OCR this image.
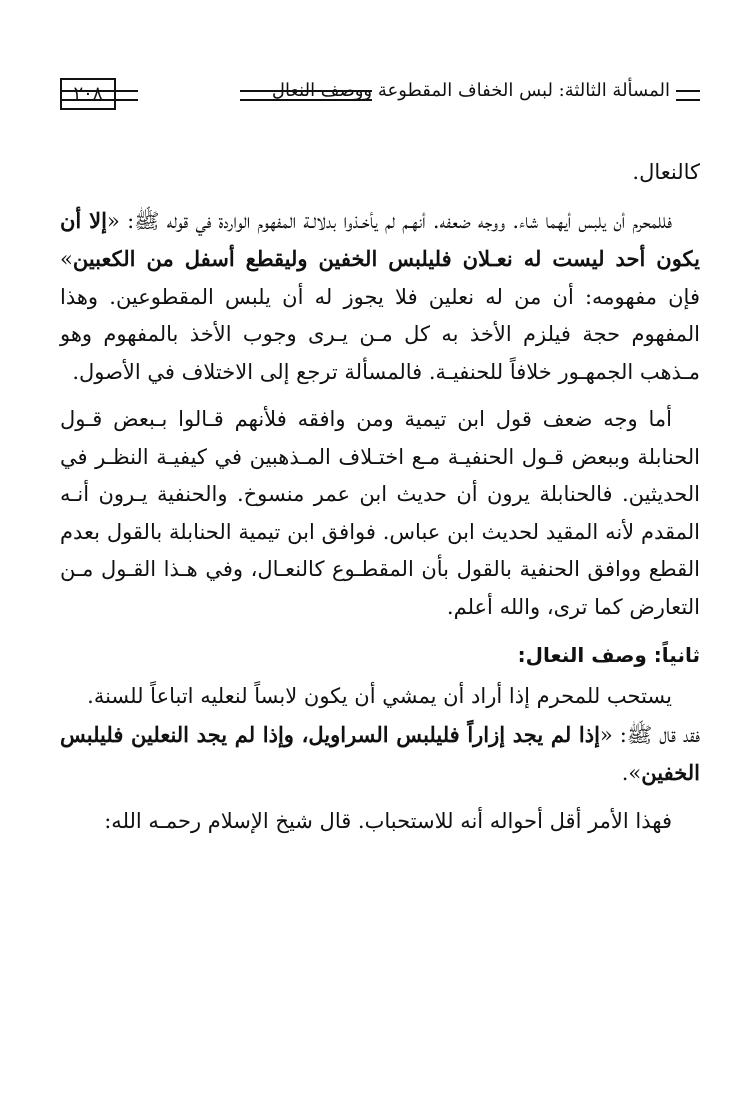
المسألة الثالثة: لبس الخفاف المقطوعة ووصف النعال
٢٠٨

كالنعال.

فللمحرم أن يلبس أيهما شاء. ووجه ضعفه. أنهـم لم يأخـذوا بدلالـة المفهوم الواردة في قوله ﷺ: «إلا أن يكون أحد ليست له نعـلان فليلبس الخفين وليقطع أسفل من الكعبين» فإن مفهومه: أن من له نعلين فلا يجوز له أن يلبس المقطوعين. وهذا المفهوم حجة فيلزم الأخذ به كل مـن يـرى وجوب الأخذ بالمفهوم وهو مـذهب الجمهـور خلافاً للحنفيـة. فالمسألة ترجع إلى الاختلاف في الأصول.

أما وجه ضعف قول ابن تيمية ومن وافقه فلأنهم قـالوا بـبعض قـول الحنابلة وببعض قـول الحنفيـة مـع اختـلاف المـذهبين في كيفيـة النظـر في الحديثين. فالحنابلة يرون أن حديث ابن عمر منسوخ. والحنفية يـرون أنـه المقدم لأنه المقيد لحديث ابن عباس. فوافق ابن تيمية الحنابلة بالقول بعدم القطع ووافق الحنفية بالقول بأن المقطـوع كالنعـال، وفي هـذا القـول مـن التعارض كما ترى، والله أعلم.

ثانياً: وصف النعال:

يستحب للمحرم إذا أراد أن يمشي أن يكون لابساً لنعليه اتباعاً للسنة.

فقد قال ﷺ: «إذا لم يجد إزاراً فليلبس السراويل، وإذا لم يجد النعلين فليلبس الخفين».

فهذا الأمر أقل أحواله أنه للاستحباب. قال شيخ الإسلام رحمـه الله:
